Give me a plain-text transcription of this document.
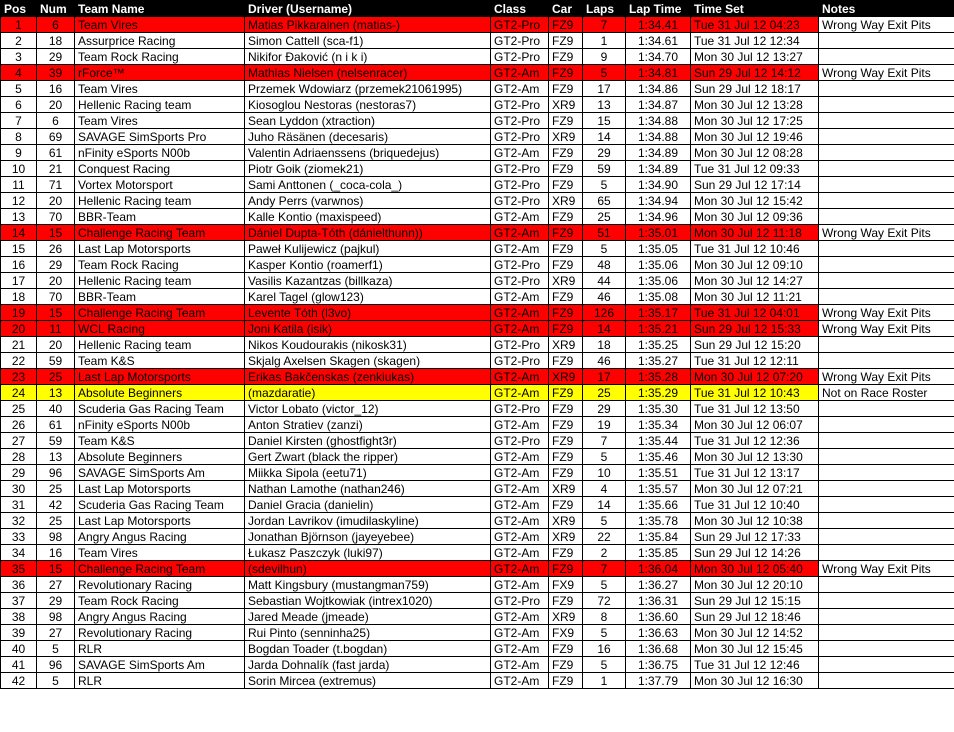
Pos	Num	Team Name	Driver (Username)	Class	Car	Laps	Lap Time	Time Set	Notes
1	6	Team Vires	Matias Pikkarainen (matias-)	GT2-Pro	FZ9	7	1:34.41	Tue 31 Jul 12 04:23	Wrong Way Exit Pits
2	18	Assurprice Racing	Simon Cattell (sca-f1)	GT2-Pro	FZ9	1	1:34.61	Tue 31 Jul 12 12:34	
3	29	Team Rock Racing	Nikifor Đaković (n i k i)	GT2-Pro	FZ9	9	1:34.70	Mon 30 Jul 12 13:27	
4	39	rForce™	Mathias Nielsen (nelsenracer)	GT2-Am	FZ9	5	1:34.81	Sun 29 Jul 12 14:12	Wrong Way Exit Pits
5	16	Team Vires	Przemek Wdowiarz (przemek21061995)	GT2-Am	FZ9	17	1:34.86	Sun 29 Jul 12 18:17	
6	20	Hellenic Racing team	Kiosoglou Nestoras (nestoras7)	GT2-Pro	XR9	13	1:34.87	Mon 30 Jul 12 13:28	
7	6	Team Vires	Sean Lyddon (xtraction)	GT2-Pro	FZ9	15	1:34.88	Mon 30 Jul 12 17:25	
8	69	SAVAGE SimSports Pro	Juho Räsänen (decesaris)	GT2-Pro	XR9	14	1:34.88	Mon 30 Jul 12 19:46	
9	61	nFinity eSports N00b	Valentin Adriaenssens (briquedejus)	GT2-Am	FZ9	29	1:34.89	Mon 30 Jul 12 08:28	
10	21	Conquest Racing	Piotr Goik (ziomek21)	GT2-Pro	FZ9	59	1:34.89	Tue 31 Jul 12 09:33	
11	71	Vortex Motorsport	Sami Anttonen (_coca-cola_)	GT2-Pro	FZ9	5	1:34.90	Sun 29 Jul 12 17:14	
12	20	Hellenic Racing team	Andy Perrs (varwnos)	GT2-Pro	XR9	65	1:34.94	Mon 30 Jul 12 15:42	
13	70	BBR-Team	Kalle Kontio (maxispeed)	GT2-Am	FZ9	25	1:34.96	Mon 30 Jul 12 09:36	
14	15	Challenge Racing Team	Dániel Dupta-Tóth (dánielthunn))	GT2-Am	FZ9	51	1:35.01	Mon 30 Jul 12 11:18	Wrong Way Exit Pits
15	26	Last Lap Motorsports	Paweł Kulijewicz (pajkul)	GT2-Am	FZ9	5	1:35.05	Tue 31 Jul 12 10:46	
16	29	Team Rock Racing	Kasper Kontio (roamerf1)	GT2-Pro	FZ9	48	1:35.06	Mon 30 Jul 12 09:10	
17	20	Hellenic Racing team	Vasilis Kazantzas (billkaza)	GT2-Pro	XR9	44	1:35.06	Mon 30 Jul 12 14:27	
18	70	BBR-Team	Karel Tagel (glow123)	GT2-Am	FZ9	46	1:35.08	Mon 30 Jul 12 11:21	
19	15	Challenge Racing Team	Levente Tóth (l3vo)	GT2-Am	FZ9	126	1:35.17	Tue 31 Jul 12 04:01	Wrong Way Exit Pits
20	11	WCL Racing	Joni Katila (isik)	GT2-Am	FZ9	14	1:35.21	Sun 29 Jul 12 15:33	Wrong Way Exit Pits
21	20	Hellenic Racing team	Nikos Koudourakis (nikosk31)	GT2-Pro	XR9	18	1:35.25	Sun 29 Jul 12 15:20	
22	59	Team K&S	Skjalg Axelsen Skagen (skagen)	GT2-Pro	FZ9	46	1:35.27	Tue 31 Jul 12 12:11	
23	25	Last Lap Motorsports	Erikas Bakčenskas (zenkiukas)	GT2-Am	XR9	17	1:35.28	Mon 30 Jul 12 07:20	Wrong Way Exit Pits
24	13	Absolute Beginners	(mazdaratie)	GT2-Am	FZ9	25	1:35.29	Tue 31 Jul 12 10:43	Not on Race Roster
25	40	Scuderia Gas Racing Team	Victor Lobato (victor_12)	GT2-Pro	FZ9	29	1:35.30	Tue 31 Jul 12 13:50	
26	61	nFinity eSports N00b	Anton Stratiev (zanzi)	GT2-Am	FZ9	19	1:35.34	Mon 30 Jul 12 06:07	
27	59	Team K&S	Daniel Kirsten (ghostfight3r)	GT2-Pro	FZ9	7	1:35.44	Tue 31 Jul 12 12:36	
28	13	Absolute Beginners	Gert Zwart (black the ripper)	GT2-Am	FZ9	5	1:35.46	Mon 30 Jul 12 13:30	
29	96	SAVAGE SimSports Am	Miikka Sipola (eetu71)	GT2-Am	FZ9	10	1:35.51	Tue 31 Jul 12 13:17	
30	25	Last Lap Motorsports	Nathan Lamothe (nathan246)	GT2-Am	XR9	4	1:35.57	Mon 30 Jul 12 07:21	
31	42	Scuderia Gas Racing Team	Daniel Gracia (danielin)	GT2-Am	FZ9	14	1:35.66	Tue 31 Jul 12 10:40	
32	25	Last Lap Motorsports	Jordan Lavrikov (imudilaskyline)	GT2-Am	XR9	5	1:35.78	Mon 30 Jul 12 10:38	
33	98	Angry Angus Racing	Jonathan Björnson (jayeyebee)	GT2-Am	XR9	22	1:35.84	Sun 29 Jul 12 17:33	
34	16	Team Vires	Łukasz Paszczyk (luki97)	GT2-Am	FZ9	2	1:35.85	Sun 29 Jul 12 14:26	
35	15	Challenge Racing Team	(sdevilhun)	GT2-Am	FZ9	7	1:36.04	Mon 30 Jul 12 05:40	Wrong Way Exit Pits
36	27	Revolutionary Racing	Matt Kingsbury (mustangman759)	GT2-Am	FX9	5	1:36.27	Mon 30 Jul 12 20:10	
37	29	Team Rock Racing	Sebastian Wojtkowiak (intrex1020)	GT2-Pro	FZ9	72	1:36.31	Sun 29 Jul 12 15:15	
38	98	Angry Angus Racing	Jared Meade (jmeade)	GT2-Am	XR9	8	1:36.60	Sun 29 Jul 12 18:46	
39	27	Revolutionary Racing	Rui Pinto (senninha25)	GT2-Am	FX9	5	1:36.63	Mon 30 Jul 12 14:52	
40	5	RLR	Bogdan Toader (t.bogdan)	GT2-Am	FZ9	16	1:36.68	Mon 30 Jul 12 15:45	
41	96	SAVAGE SimSports Am	Jarda Dohnalík (fast jarda)	GT2-Am	FZ9	5	1:36.75	Tue 31 Jul 12 12:46	
42	5	RLR	Sorin Mircea (extremus)	GT2-Am	FZ9	1	1:37.79	Mon 30 Jul 12 16:30	
